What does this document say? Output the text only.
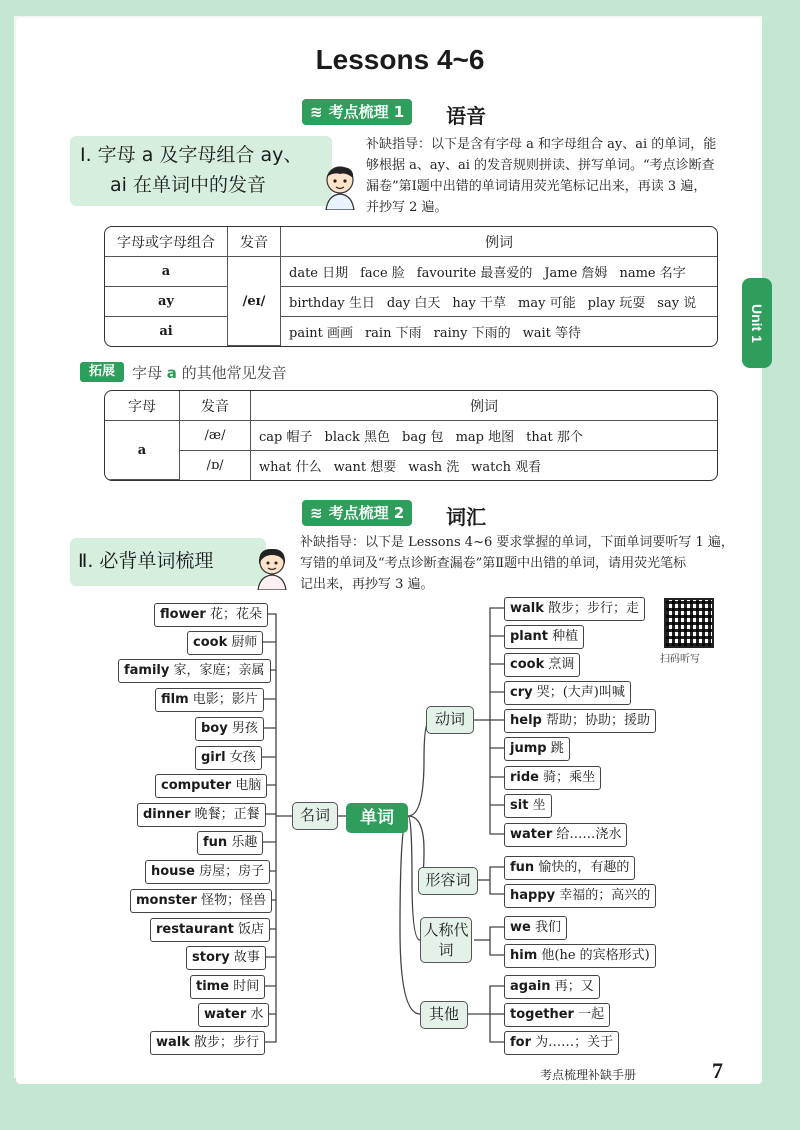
Unit 1
Lessons 4~6
≋ 考点梳理 1	语音
Ⅰ. 字母 a 及字母组合 ay、
ai 在单词中的发音
补缺指导：以下是含有字母 a 和字母组合 ay、ai 的单词，能
够根据 a、ay、ai 的发音规则拼读、拼写单词。“考点诊断查
漏卷”第Ⅰ题中出错的单词请用荧光笔标记出来，再读 3 遍，
并抄写 2 遍。
字母或字母组合	发音	例词
a	/eɪ/	date 日期 face 脸 favourite 最喜爱的 Jame 詹姆 name 名字
ay		birthday 生日 day 白天 hay 干草 may 可能 play 玩耍 say 说
ai		paint 画画 rain 下雨 rainy 下雨的 wait 等待
拓展	字母 a 的其他常见发音
字母	发音	例词
a	/æ/	cap 帽子 black 黑色 bag 包 map 地图 that 那个
	/ɒ/	what 什么 want 想要 wash 洗 watch 观看
≋ 考点梳理 2	词汇
Ⅱ. 必背单词梳理
补缺指导：以下是 Lessons 4~6 要求掌握的单词，下面单词要听写 1 遍，
写错的单词及“考点诊断查漏卷”第Ⅱ题中出错的单词，请用荧光笔标
记出来，再抄写 3 遍。
扫码听写
flower 花；花朵
cook 厨师
family 家，家庭；亲属
film 电影；影片
boy 男孩
girl 女孩
computer 电脑
dinner 晚餐；正餐
fun 乐趣
house 房屋；房子
monster 怪物；怪兽
restaurant 饭店
story 故事
time 时间
water 水
walk 散步；步行
名词	单词
动词
walk 散步；步行；走
plant 种植
cook 烹调
cry 哭；(大声)叫喊
help 帮助；协助；援助
jump 跳
ride 骑；乘坐
sit 坐
water 给……浇水
形容词
fun 愉快的，有趣的
happy 幸福的；高兴的
人称代词
we 我们
him 他(he 的宾格形式)
其他
again 再；又
together 一起
for 为……；关于
考点梳理补缺手册	7
